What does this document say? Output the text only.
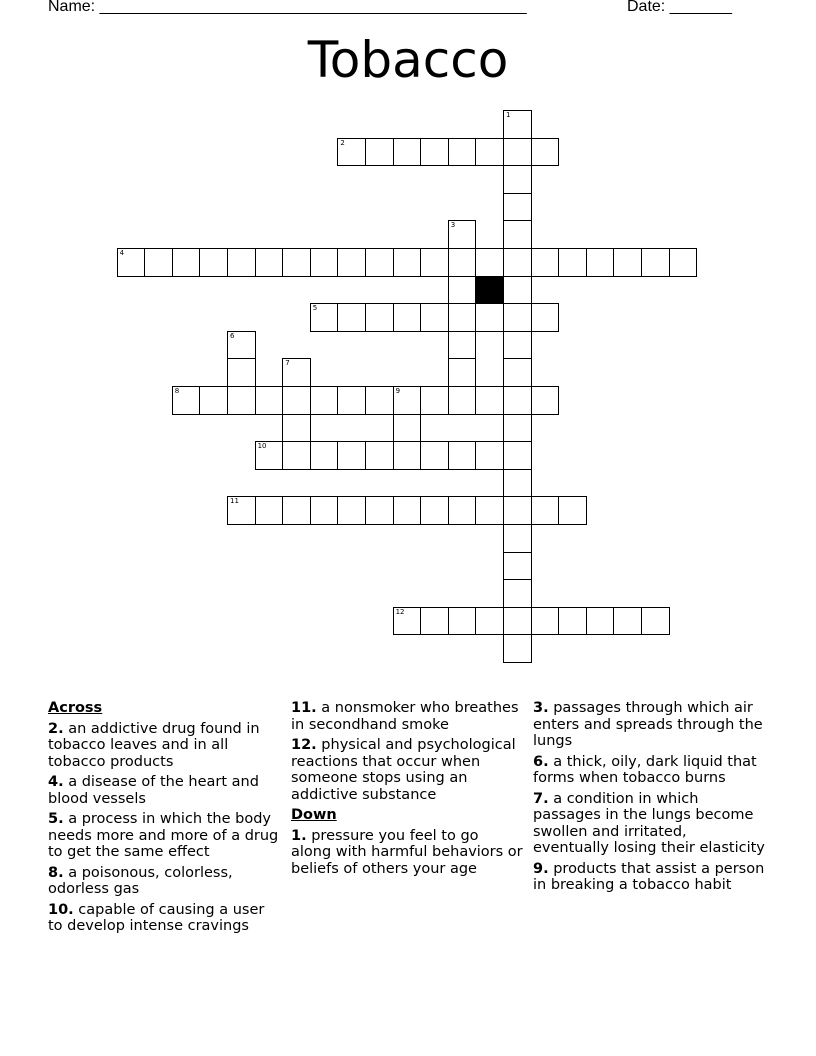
Name: ________________________________________________	Date: _______
Tobacco
1
2
3
4
5
6
7
8	9
10
11
12
Across
2. an addictive drug found in tobacco leaves and in all tobacco products
4. a disease of the heart and blood vessels
5. a process in which the body needs more and more of a drug to get the same effect
8. a poisonous, colorless, odorless gas
10. capable of causing a user to develop intense cravings
11. a nonsmoker who breathes in secondhand smoke
12. physical and psychological reactions that occur when someone stops using an addictive substance
Down
1. pressure you feel to go along with harmful behaviors or beliefs of others your age
3. passages through which air enters and spreads through the lungs
6. a thick, oily, dark liquid that forms when tobacco burns
7. a condition in which passages in the lungs become swollen and irritated, eventually losing their elasticity
9. products that assist a person in breaking a tobacco habit
